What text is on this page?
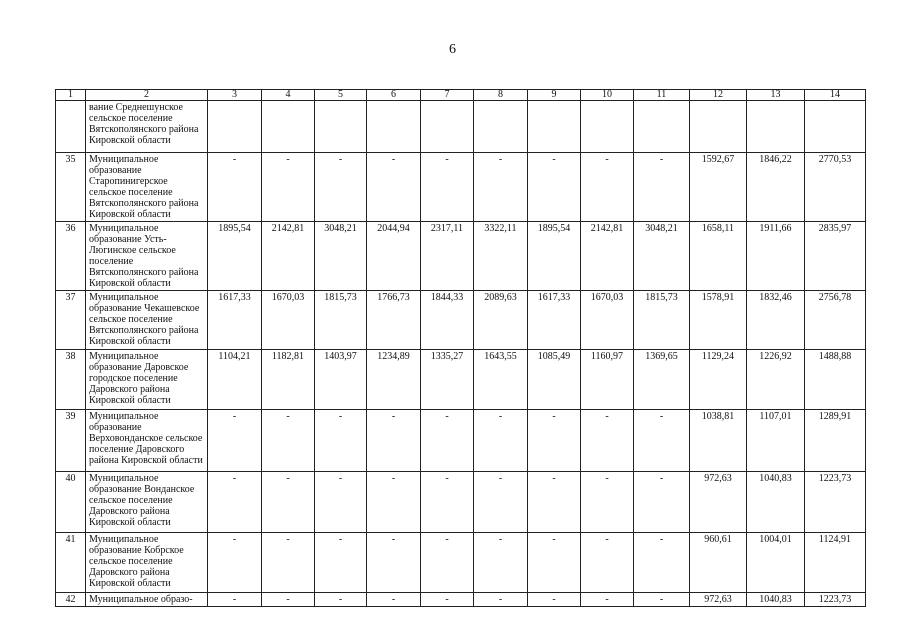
6
1	2	3	4	5	6	7	8	9	10	11	12	13	14
	вание Среднешунское сельское поселение Вятскополянского района Кировской области												
35	Муниципальное образование Старопинигерское сельское поселение Вятскополянского района Кировской области	-	-	-	-	-	-	-	-	-	1592,67	1846,22	2770,53
36	Муниципальное образование Усть-Люгинское сельское поселение Вятскополянского района Кировской области	1895,54	2142,81	3048,21	2044,94	2317,11	3322,11	1895,54	2142,81	3048,21	1658,11	1911,66	2835,97
37	Муниципальное образование Чекашевское сельское поселение Вятскополянского района Кировской области	1617,33	1670,03	1815,73	1766,73	1844,33	2089,63	1617,33	1670,03	1815,73	1578,91	1832,46	2756,78
38	Муниципальное образование Даровское городское поселение Даровского района Кировской области	1104,21	1182,81	1403,97	1234,89	1335,27	1643,55	1085,49	1160,97	1369,65	1129,24	1226,92	1488,88
39	Муниципальное образование Верховонданское сельское поселение Даровского района Кировской области	-	-	-	-	-	-	-	-	-	1038,81	1107,01	1289,91
40	Муниципальное образование Вонданское сельское поселение Даровского района Кировской области	-	-	-	-	-	-	-	-	-	972,63	1040,83	1223,73
41	Муниципальное образование Кобрское сельское поселение Даровского района Кировской области	-	-	-	-	-	-	-	-	-	960,61	1004,01	1124,91
42	Муниципальное образо-	-	-	-	-	-	-	-	-	-	972,63	1040,83	1223,73
